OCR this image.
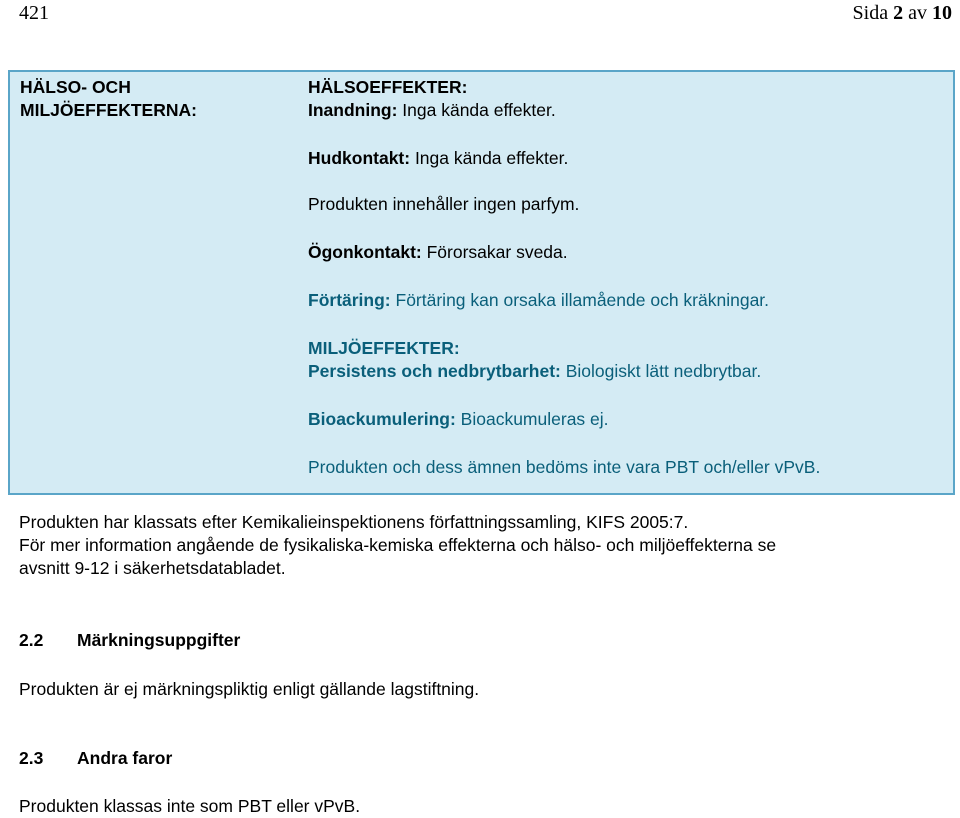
421	Sida 2 av 10
HÄLSO- OCH
MILJÖEFFEKTERNA:
HÄLSOEFFEKTER:
Inandning: Inga kända effekter.
Hudkontakt: Inga kända effekter.
Produkten innehåller ingen parfym.
Ögonkontakt: Förorsakar sveda.
Förtäring: Förtäring kan orsaka illamående och kräkningar.
MILJÖEFFEKTER:
Persistens och nedbrytbarhet: Biologiskt lätt nedbrytbar.
Bioackumulering: Bioackumuleras ej.
Produkten och dess ämnen bedöms inte vara PBT och/eller vPvB.
Produkten har klassats efter Kemikalieinspektionens författningssamling, KIFS 2005:7.
För mer information angående de fysikaliska-kemiska effekterna och hälso- och miljöeffekterna se
avsnitt 9-12 i säkerhetsdatabladet.
2.2 Märkningsuppgifter
Produkten är ej märkningspliktig enligt gällande lagstiftning.
2.3 Andra faror
Produkten klassas inte som PBT eller vPvB.
